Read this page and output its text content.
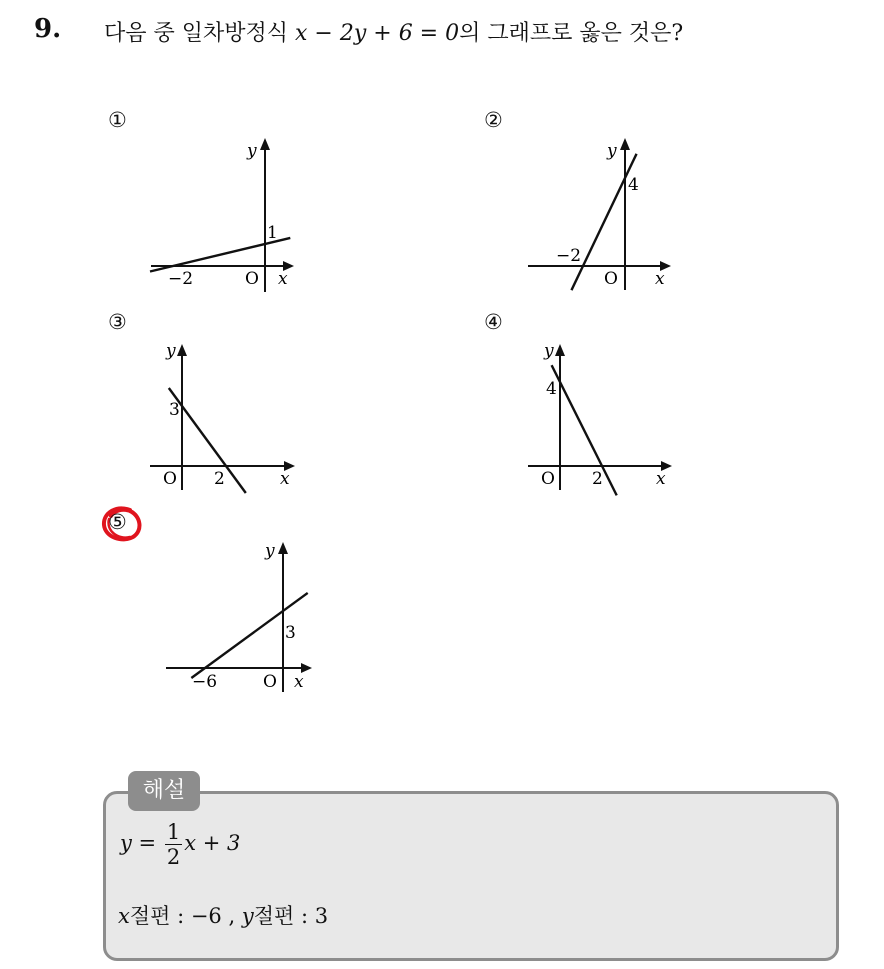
9. 다음 중 일차방정식 x − 2y + 6 = 0의 그래프로 옳은 것은?
①
x
y
O
−2
1
②
x
y
O
−2
4
③
x
y
O 2
3
④
x
y
O 2
4
⑤
x
y
O
−6
3
해설
$y = \frac{1}{2}$ x + 3
x절편 : −6 , y절편 : 3
